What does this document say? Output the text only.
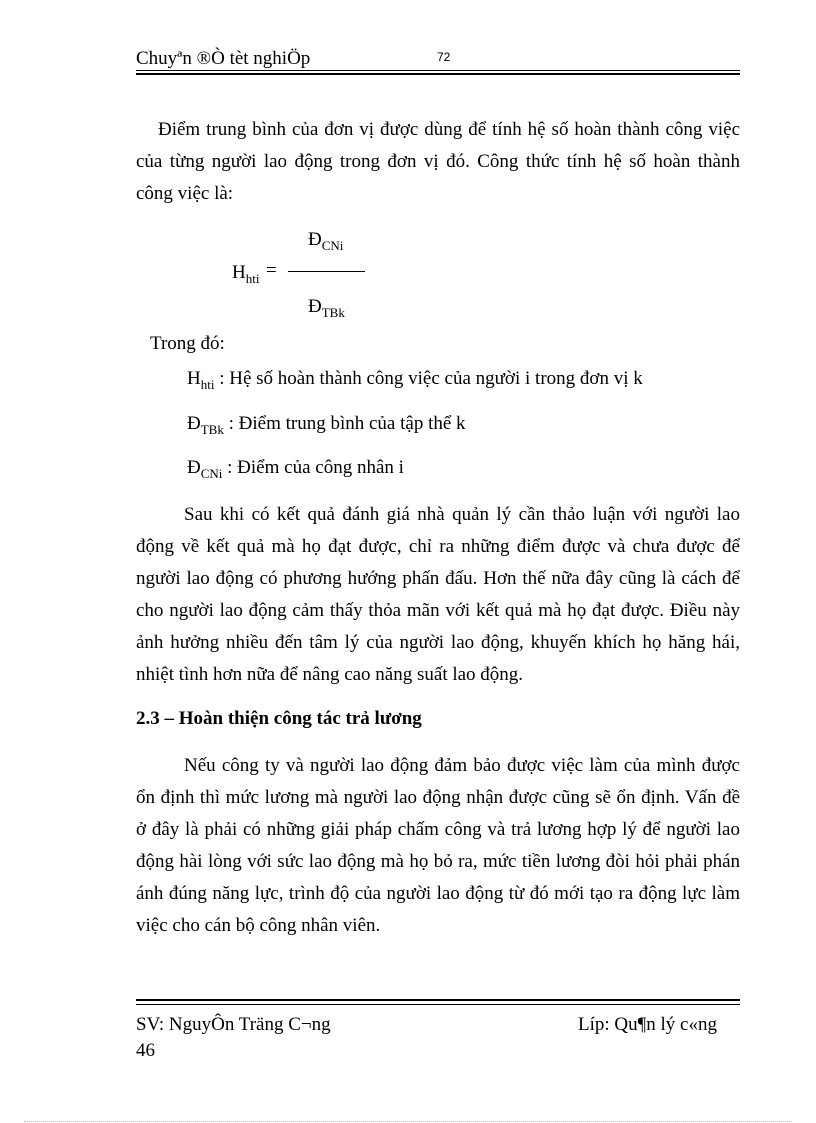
Chuyªn ®Ò tèt nghiÖp	72
Điểm trung bình của đơn vị được dùng để tính hệ số hoàn thành công việc của từng người lao động trong đơn vị đó. Công thức tính hệ số hoàn thành công việc là:
$Đ_{CNi}$
$H_{hti}$ =
$Đ_{TBk}$
Trong đó:
$H_{hti}$ : Hệ số hoàn thành công việc của người i trong đơn vị k
$Đ_{TBk}$ : Điểm trung bình của tập thể k
$Đ_{CNi}$ : Điểm của công nhân i
Sau khi có kết quả đánh giá nhà quản lý cần thảo luận với người lao động về kết quả mà họ đạt được, chỉ ra những điểm được và chưa được để người lao động có phương hướng phấn đấu. Hơn thế nữa đây cũng là cách để cho người lao động cảm thấy thỏa mãn với kết quả mà họ đạt được. Điều này ảnh hưởng nhiều đến tâm lý của người lao động, khuyến khích họ hăng hái, nhiệt tình hơn nữa để nâng cao năng suất lao động.
2.3 – Hoàn thiện công tác trả lương
Nếu công ty và người lao động đảm bảo được việc làm của mình được ổn định thì mức lương mà người lao động nhận được cũng sẽ ổn định. Vấn đề ở đây là phải có những giải pháp chấm công và trả lương hợp lý để người lao động hài lòng với sức lao động mà họ bỏ ra, mức tiền lương đòi hỏi phải phán ánh đúng năng lực, trình độ của người lao động từ đó mới tạo ra động lực làm việc cho cán bộ công nhân viên.
SV: NguyÔn Träng C¬ng	Líp: Qu¶n lý c«ng
46
